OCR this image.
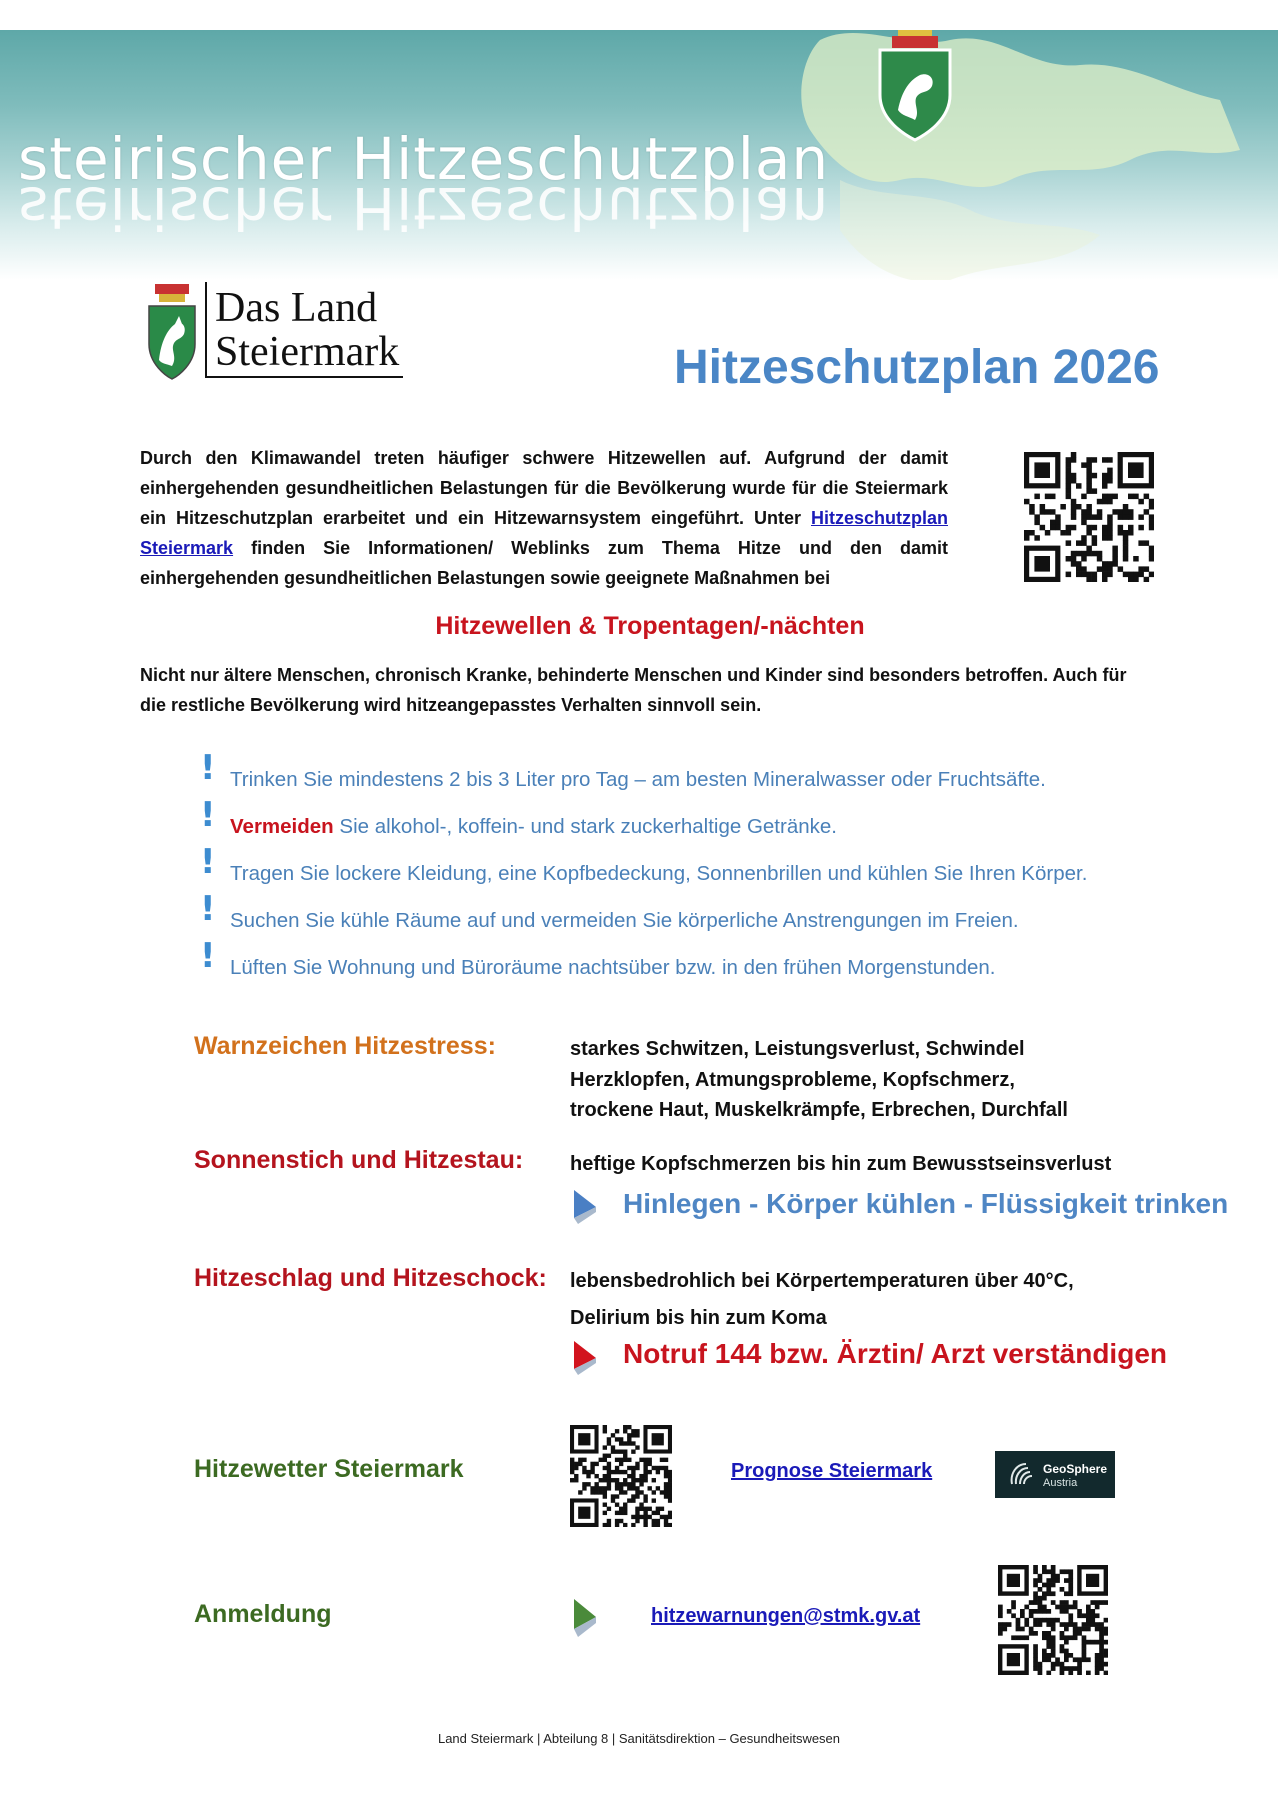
steirischer Hitzeschutzplan
steirischer Hitzeschutzplan
Das Land
Steiermark	Hitzeschutzplan 2026
Durch den Klimawandel treten häufiger schwere Hitzewellen auf. Aufgrund der damit einhergehenden gesundheitlichen Belastungen für die Bevölkerung wurde für die Steiermark ein Hitzeschutzplan erarbeitet und ein Hitzewarnsystem eingeführt. Unter Hitzeschutzplan Steiermark finden Sie Informationen/ Weblinks zum Thema Hitze und den damit einhergehenden gesundheitlichen Belastungen sowie geeignete Maßnahmen bei
Hitzewellen & Tropentagen/-nächten
Nicht nur ältere Menschen, chronisch Kranke, behinderte Menschen und Kinder sind besonders betroffen. Auch für die restliche Bevölkerung wird hitzeangepasstes Verhalten sinnvoll sein.
! Trinken Sie mindestens 2 bis 3 Liter pro Tag – am besten Mineralwasser oder Fruchtsäfte.
! Vermeiden Sie alkohol-, koffein- und stark zuckerhaltige Getränke.
! Tragen Sie lockere Kleidung, eine Kopfbedeckung, Sonnenbrillen und kühlen Sie Ihren Körper.
! Suchen Sie kühle Räume auf und vermeiden Sie körperliche Anstrengungen im Freien.
! Lüften Sie Wohnung und Büroräume nachtsüber bzw. in den frühen Morgenstunden.
Warnzeichen Hitzestress:	starkes Schwitzen, Leistungsverlust, Schwindel
Herzklopfen, Atmungsprobleme, Kopfschmerz,
trockene Haut, Muskelkrämpfe, Erbrechen, Durchfall
Sonnenstich und Hitzestau: heftige Kopfschmerzen bis hin zum Bewusstseinsverlust
Hinlegen - Körper kühlen - Flüssigkeit trinken
Hitzeschlag und Hitzeschock: lebensbedrohlich bei Körpertemperaturen über 40°C,
Delirium bis hin zum Koma
Notruf 144 bzw. Ärztin/ Arzt verständigen
Hitzewetter Steiermark	Prognose Steiermark	GeoSphere
Austria
Anmeldung	hitzewarnungen@stmk.gv.at
Land Steiermark | Abteilung 8 | Sanitätsdirektion – Gesundheitswesen
